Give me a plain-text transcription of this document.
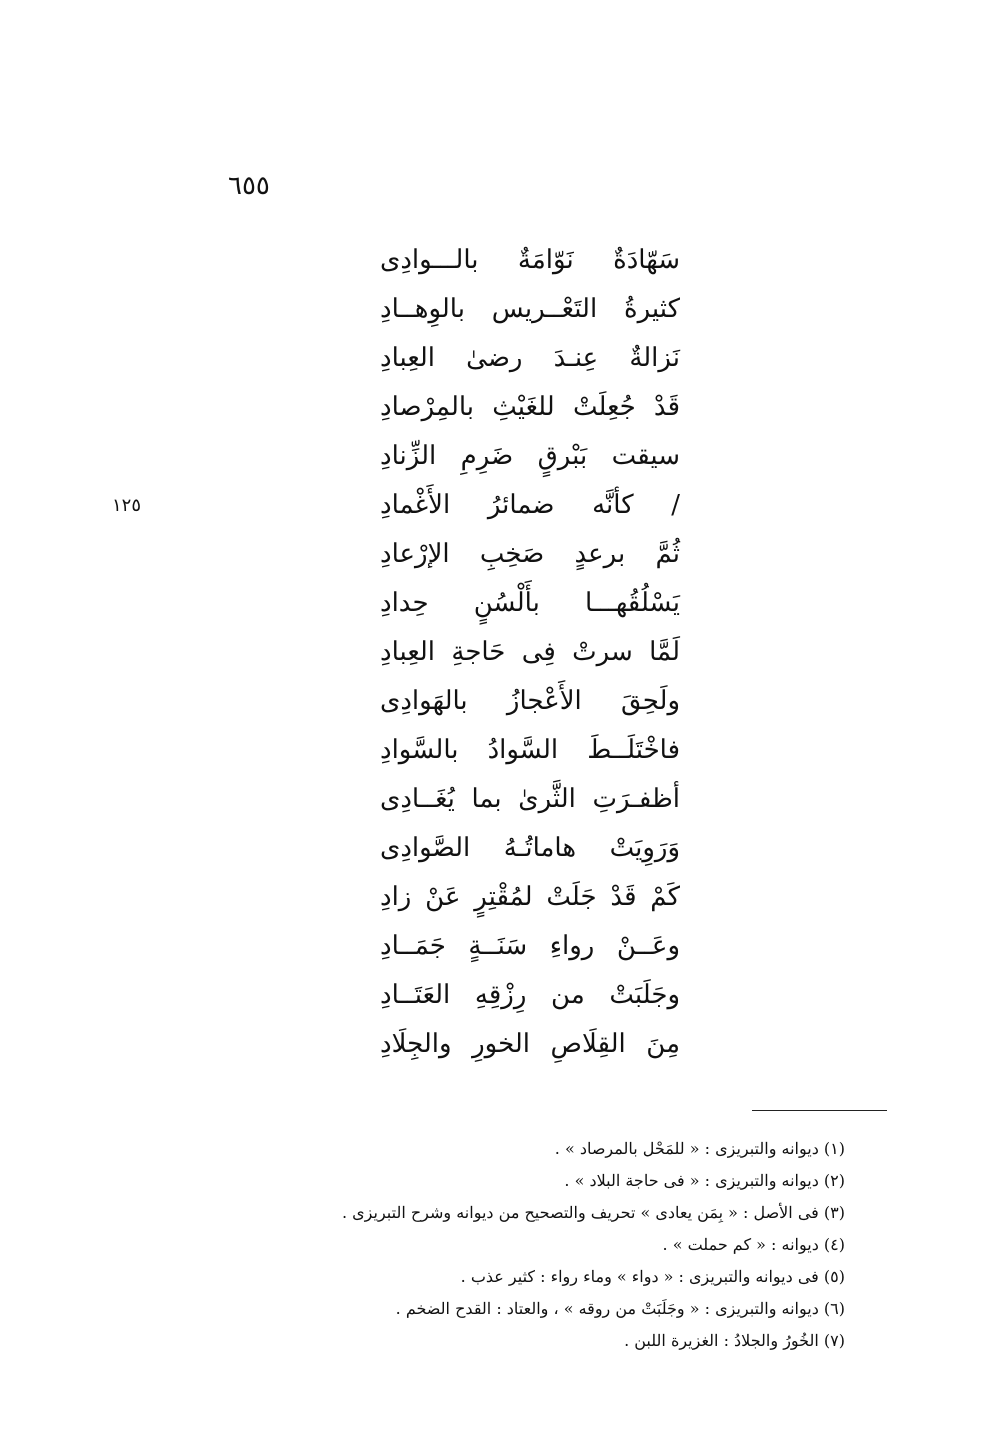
٦٥٥
١٢٥
سَهّادَةٌ نَوّامَةٌ بالـــوادِى
كثيرةُ التَعْــريس بالوِهــادِ
نَزالةٌ عِنـدَ رضىٰ العِبادِ
قَدْ جُعِلَتْ للغَيْثِ بالمِرْصادِ
سيقت بَبْرقٍ ضَرِمِ الزِّنادِ
/ كأنَّه ضمائرُ الأَغْمادِ
ثُمَّ برعدٍ صَخِبِ الإرْعادِ
يَسْلُقُهـــا بأَلْسُنٍ حِدادِ
لَمَّا سرتْ فِى حَاجةِ العِبادِ
ولَحِقَ الأَعْجازُ بالهَوادِى
فاخْتَلَــطَ السَّوادُ بالسَّوادِ
أظفـرَتِ الثَّرىٰ بما يُغَــادِى
وَرَوِيَتْ هاماتُـهُ الصَّوادِى
كَمْ قَدْ جَلَتْ لمُقْتِرٍ عَنْ زادِ
وعَــنْ رواءِ سَنَــةٍ جَمَــادِ
وجَلَبَتْ من رِزْقِهِ العَتَــادِ
مِنَ القِلَاصِ الخورِ والجِلَادِ
(١) ديوانه والتبريزى : « للمَحْل بالمرصاد » .
(٢) ديوانه والتبريزى : « فى حاجة البلاد » .
(٣) فى الأصل : « بِمَن يعادى » تحريف والتصحيح من ديوانه وشرح التبريزى .
(٤) ديوانه : « كم حملت » .
(٥) فى ديوانه والتبريزى : « دواء » وماء رواء : كثير عذب .
(٦) ديوانه والتبريزى : « وجَلَبَتْ من روقه » ، والعتاد : القدح الضخم .
(٧) الخُورُ والجلادُ : الغزيرة اللبن .
